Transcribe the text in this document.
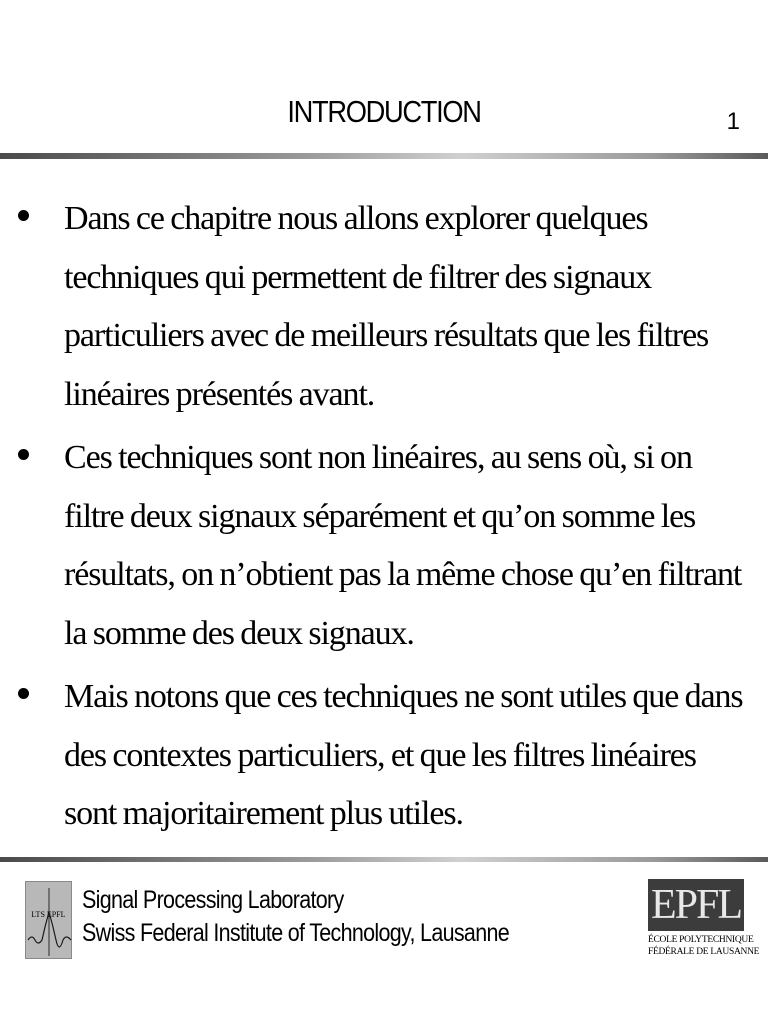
INTRODUCTION	1
Dans ce chapitre nous allons explorer quelques techniques qui permettent de filtrer des signaux particuliers avec de meilleurs résultats que les filtres linéaires présentés avant.
Ces techniques sont non linéaires, au sens où, si on filtre deux signaux séparément et qu’on somme les résultats, on n’obtient pas la même chose qu’en filtrant la somme des deux signaux.
Mais notons que ces techniques ne sont utiles que dans des contextes particuliers, et que les filtres linéaires sont majoritairement plus utiles.
LTS EPFL
Signal Processing Laboratory
Swiss Federal Institute of Technology, Lausanne
EPFL
ÉCOLE POLYTECHNIQUE
FÉDÉRALE DE LAUSANNE
